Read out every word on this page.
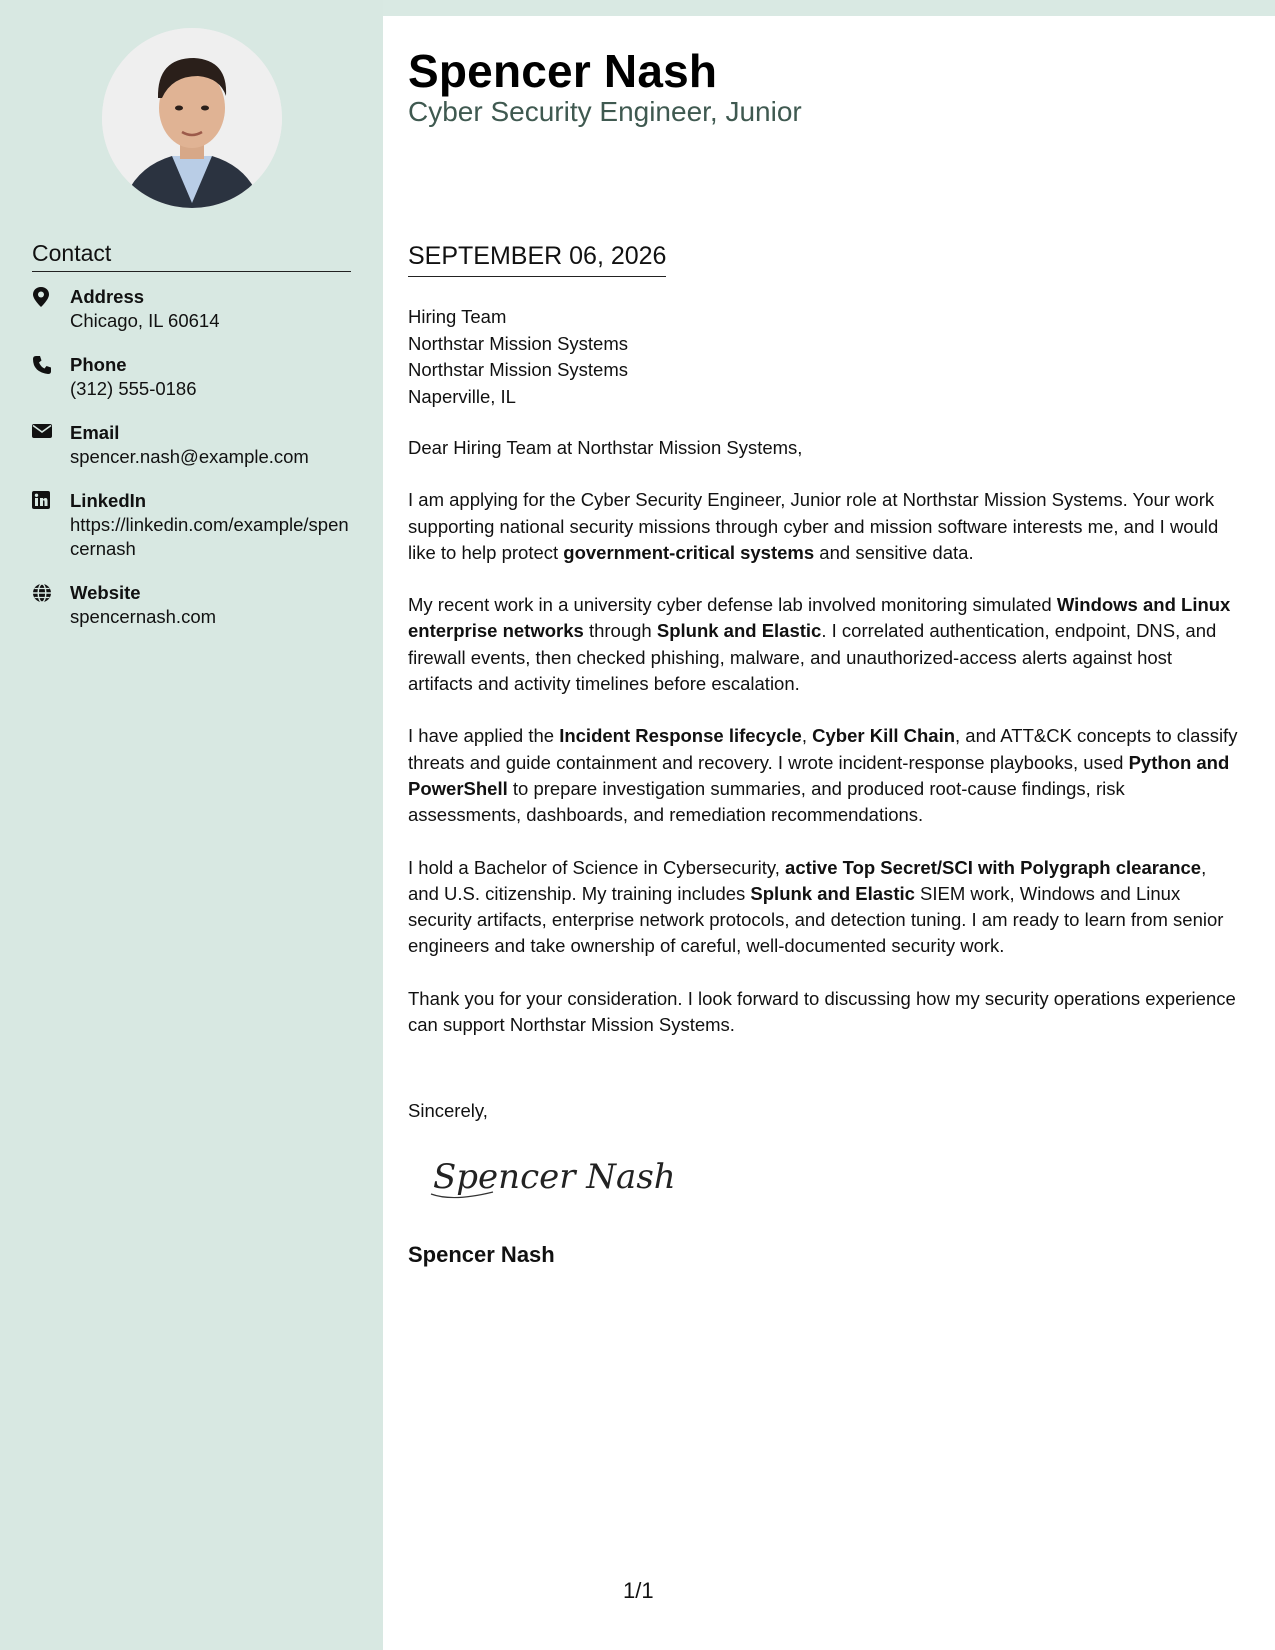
Contact
Address
Chicago, IL 60614
Phone
(312) 555-0186
Email
spencer.nash@example.com
LinkedIn
https://linkedin.com/example/spencernash
Website
spencernash.com
Spencer Nash
Cyber Security Engineer, Junior
SEPTEMBER 06, 2026
Hiring Team
Northstar Mission Systems
Northstar Mission Systems
Naperville, IL

Dear Hiring Team at Northstar Mission Systems,

I am applying for the Cyber Security Engineer, Junior role at Northstar Mission Systems. Your work supporting national security missions through cyber and mission software interests me, and I would like to help protect government-critical systems and sensitive data.

My recent work in a university cyber defense lab involved monitoring simulated Windows and Linux enterprise networks through Splunk and Elastic. I correlated authentication, endpoint, DNS, and firewall events, then checked phishing, malware, and unauthorized-access alerts against host artifacts and activity timelines before escalation.

I have applied the Incident Response lifecycle, Cyber Kill Chain, and ATT&CK concepts to classify threats and guide containment and recovery. I wrote incident-response playbooks, used Python and PowerShell to prepare investigation summaries, and produced root-cause findings, risk assessments, dashboards, and remediation recommendations.

I hold a Bachelor of Science in Cybersecurity, active Top Secret/SCI with Polygraph clearance, and U.S. citizenship. My training includes Splunk and Elastic SIEM work, Windows and Linux security artifacts, enterprise network protocols, and detection tuning. I am ready to learn from senior engineers and take ownership of careful, well-documented security work.

Thank you for your consideration. I look forward to discussing how my security operations experience can support Northstar Mission Systems.

Sincerely,
Spencer Nash
Spencer Nash
1/1
